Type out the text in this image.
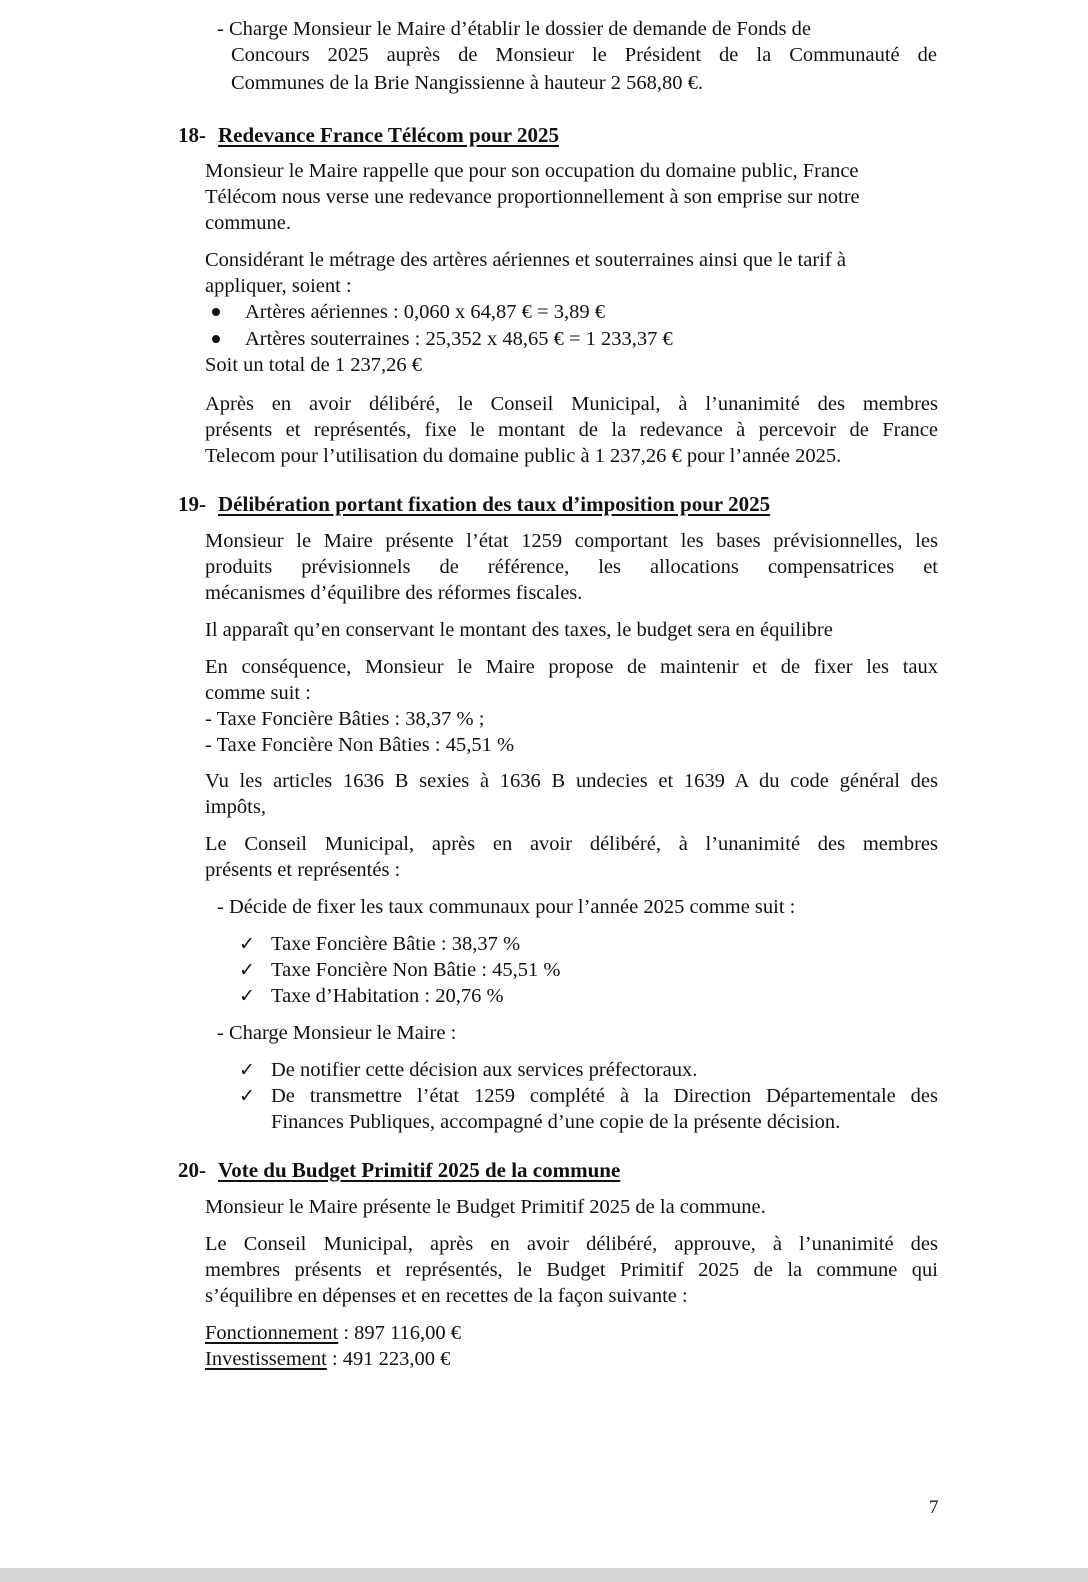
- Charge Monsieur le Maire d’établir le dossier de demande de Fonds de

Concours 2025 auprès de Monsieur le Président de la Communauté de

Communes de la Brie Nangissienne à hauteur 2 568,80 €.

18- Redevance France Télécom pour 2025

Monsieur le Maire rappelle que pour son occupation du domaine public, France

Télécom nous verse une redevance proportionnellement à son emprise sur notre

commune.

Considérant le métrage des artères aériennes et souterraines ainsi que le tarif à

appliquer, soient :

Artères aériennes : 0,060 x 64,87 € = 3,89 €

Artères souterraines : 25,352 x 48,65 € = 1 233,37 €

Soit un total de 1 237,26 €

Après en avoir délibéré, le Conseil Municipal, à l’unanimité des membres

présents et représentés, fixe le montant de la redevance à percevoir de France

Telecom pour l’utilisation du domaine public à 1 237,26 € pour l’année 2025.

19- Délibération portant fixation des taux d’imposition pour 2025

Monsieur le Maire présente l’état 1259 comportant les bases prévisionnelles, les

produits prévisionnels de référence, les allocations compensatrices et

mécanismes d’équilibre des réformes fiscales.

Il apparaît qu’en conservant le montant des taxes, le budget sera en équilibre

En conséquence, Monsieur le Maire propose de maintenir et de fixer les taux

comme suit :

- Taxe Foncière Bâties : 38,37 % ;

- Taxe Foncière Non Bâties : 45,51 %

Vu les articles 1636 B sexies à 1636 B undecies et 1639 A du code général des

impôts,

Le Conseil Municipal, après en avoir délibéré, à l’unanimité des membres

présents et représentés :

- Décide de fixer les taux communaux pour l’année 2025 comme suit :

✓ Taxe Foncière Bâtie : 38,37 %

✓ Taxe Foncière Non Bâtie : 45,51 %

✓ Taxe d’Habitation : 20,76 %

- Charge Monsieur le Maire :

✓ De notifier cette décision aux services préfectoraux.

✓ De transmettre l’état 1259 complété à la Direction Départementale des

Finances Publiques, accompagné d’une copie de la présente décision.

20- Vote du Budget Primitif 2025 de la commune

Monsieur le Maire présente le Budget Primitif 2025 de la commune.

Le Conseil Municipal, après en avoir délibéré, approuve, à l’unanimité des

membres présents et représentés, le Budget Primitif 2025 de la commune qui

s’équilibre en dépenses et en recettes de la façon suivante :

Fonctionnement : 897 116,00 €

Investissement : 491 223,00 €

7
